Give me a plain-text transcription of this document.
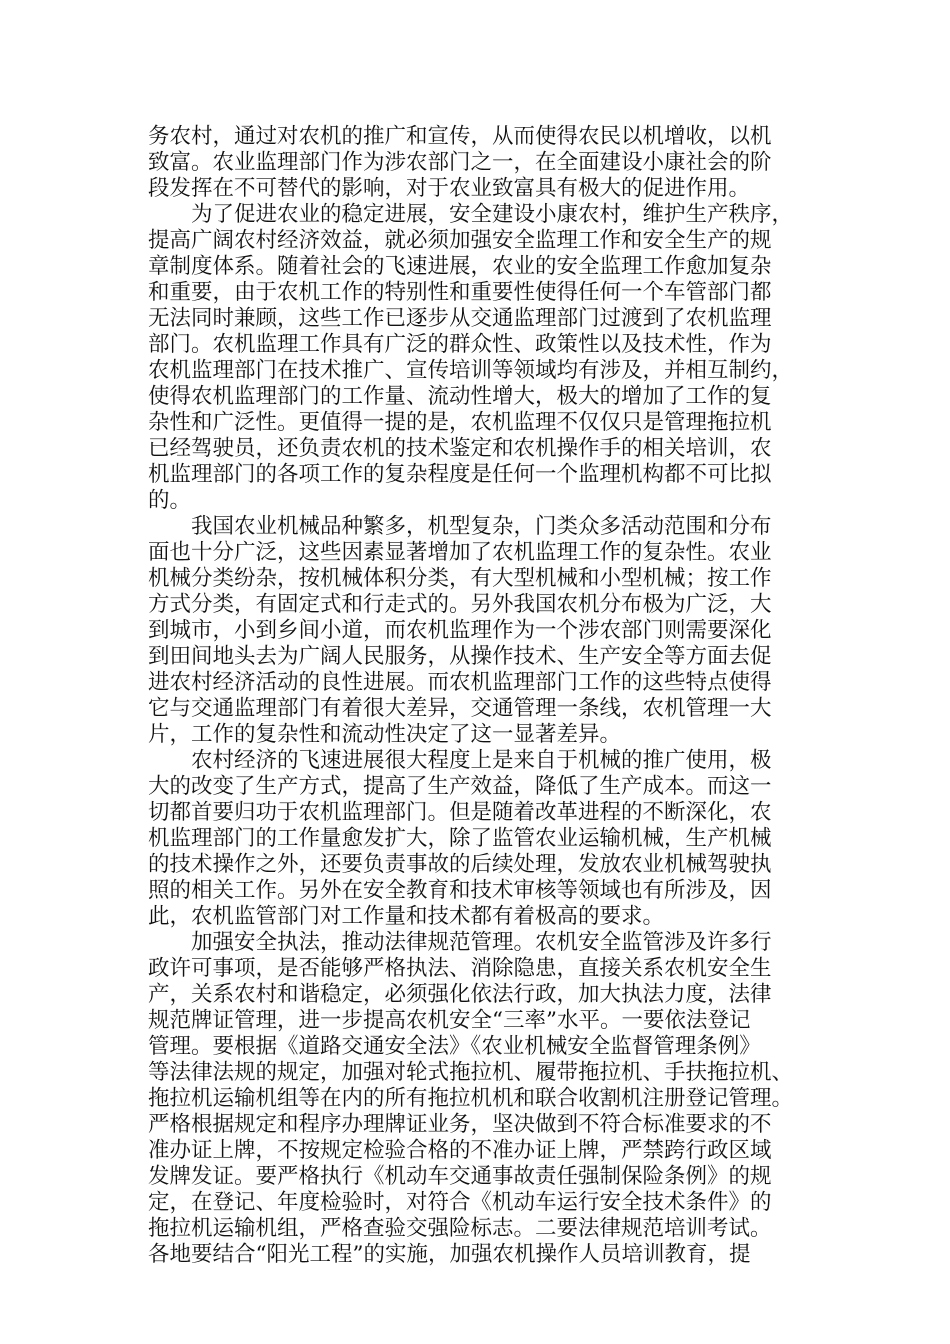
务农村，通过对农机的推广和宣传，从而使得农民以机增收，以机
致富。农业监理部门作为涉农部门之一，在全面建设小康社会的阶
段发挥在不可替代的影响，对于农业致富具有极大的促进作用。
为了促进农业的稳定进展，安全建设小康农村，维护生产秩序，
提高广阔农村经济效益，就必须加强安全监理工作和安全生产的规
章制度体系。随着社会的飞速进展，农业的安全监理工作愈加复杂
和重要，由于农机工作的特别性和重要性使得任何一个车管部门都
无法同时兼顾，这些工作已逐步从交通监理部门过渡到了农机监理
部门。农机监理工作具有广泛的群众性、政策性以及技术性，作为
农机监理部门在技术推广、宣传培训等领域均有涉及，并相互制约，
使得农机监理部门的工作量、流动性增大，极大的增加了工作的复
杂性和广泛性。更值得一提的是，农机监理不仅仅只是管理拖拉机
已经驾驶员，还负责农机的技术鉴定和农机操作手的相关培训，农
机监理部门的各项工作的复杂程度是任何一个监理机构都不可比拟
的。
我国农业机械品种繁多，机型复杂，门类众多活动范围和分布
面也十分广泛，这些因素显著增加了农机监理工作的复杂性。农业
机械分类纷杂，按机械体积分类，有大型机械和小型机械；按工作
方式分类，有固定式和行走式的。另外我国农机分布极为广泛，大
到城市，小到乡间小道，而农机监理作为一个涉农部门则需要深化
到田间地头去为广阔人民服务，从操作技术、生产安全等方面去促
进农村经济活动的良性进展。而农机监理部门工作的这些特点使得
它与交通监理部门有着很大差异，交通管理一条线，农机管理一大
片，工作的复杂性和流动性决定了这一显著差异。
农村经济的飞速进展很大程度上是来自于机械的推广使用，极
大的改变了生产方式，提高了生产效益，降低了生产成本。而这一
切都首要归功于农机监理部门。但是随着改革进程的不断深化，农
机监理部门的工作量愈发扩大，除了监管农业运输机械，生产机械
的技术操作之外，还要负责事故的后续处理，发放农业机械驾驶执
照的相关工作。另外在安全教育和技术审核等领域也有所涉及，因
此，农机监管部门对工作量和技术都有着极高的要求。
加强安全执法，推动法律规范管理。农机安全监管涉及许多行
政许可事项，是否能够严格执法、消除隐患，直接关系农机安全生
产，关系农村和谐稳定，必须强化依法行政，加大执法力度，法律
规范牌证管理，进一步提高农机安全“三率”水平。一要依法登记
管理。要根据《道路交通安全法》《农业机械安全监督管理条例》
等法律法规的规定，加强对轮式拖拉机、履带拖拉机、手扶拖拉机、
拖拉机运输机组等在内的所有拖拉机机和联合收割机注册登记管理。
严格根据规定和程序办理牌证业务，坚决做到不符合标准要求的不
准办证上牌，不按规定检验合格的不准办证上牌，严禁跨行政区域
发牌发证。要严格执行《机动车交通事故责任强制保险条例》的规
定，在登记、年度检验时，对符合《机动车运行安全技术条件》的
拖拉机运输机组，严格查验交强险标志。二要法律规范培训考试。
各地要结合“阳光工程”的实施，加强农机操作人员培训教育，提
